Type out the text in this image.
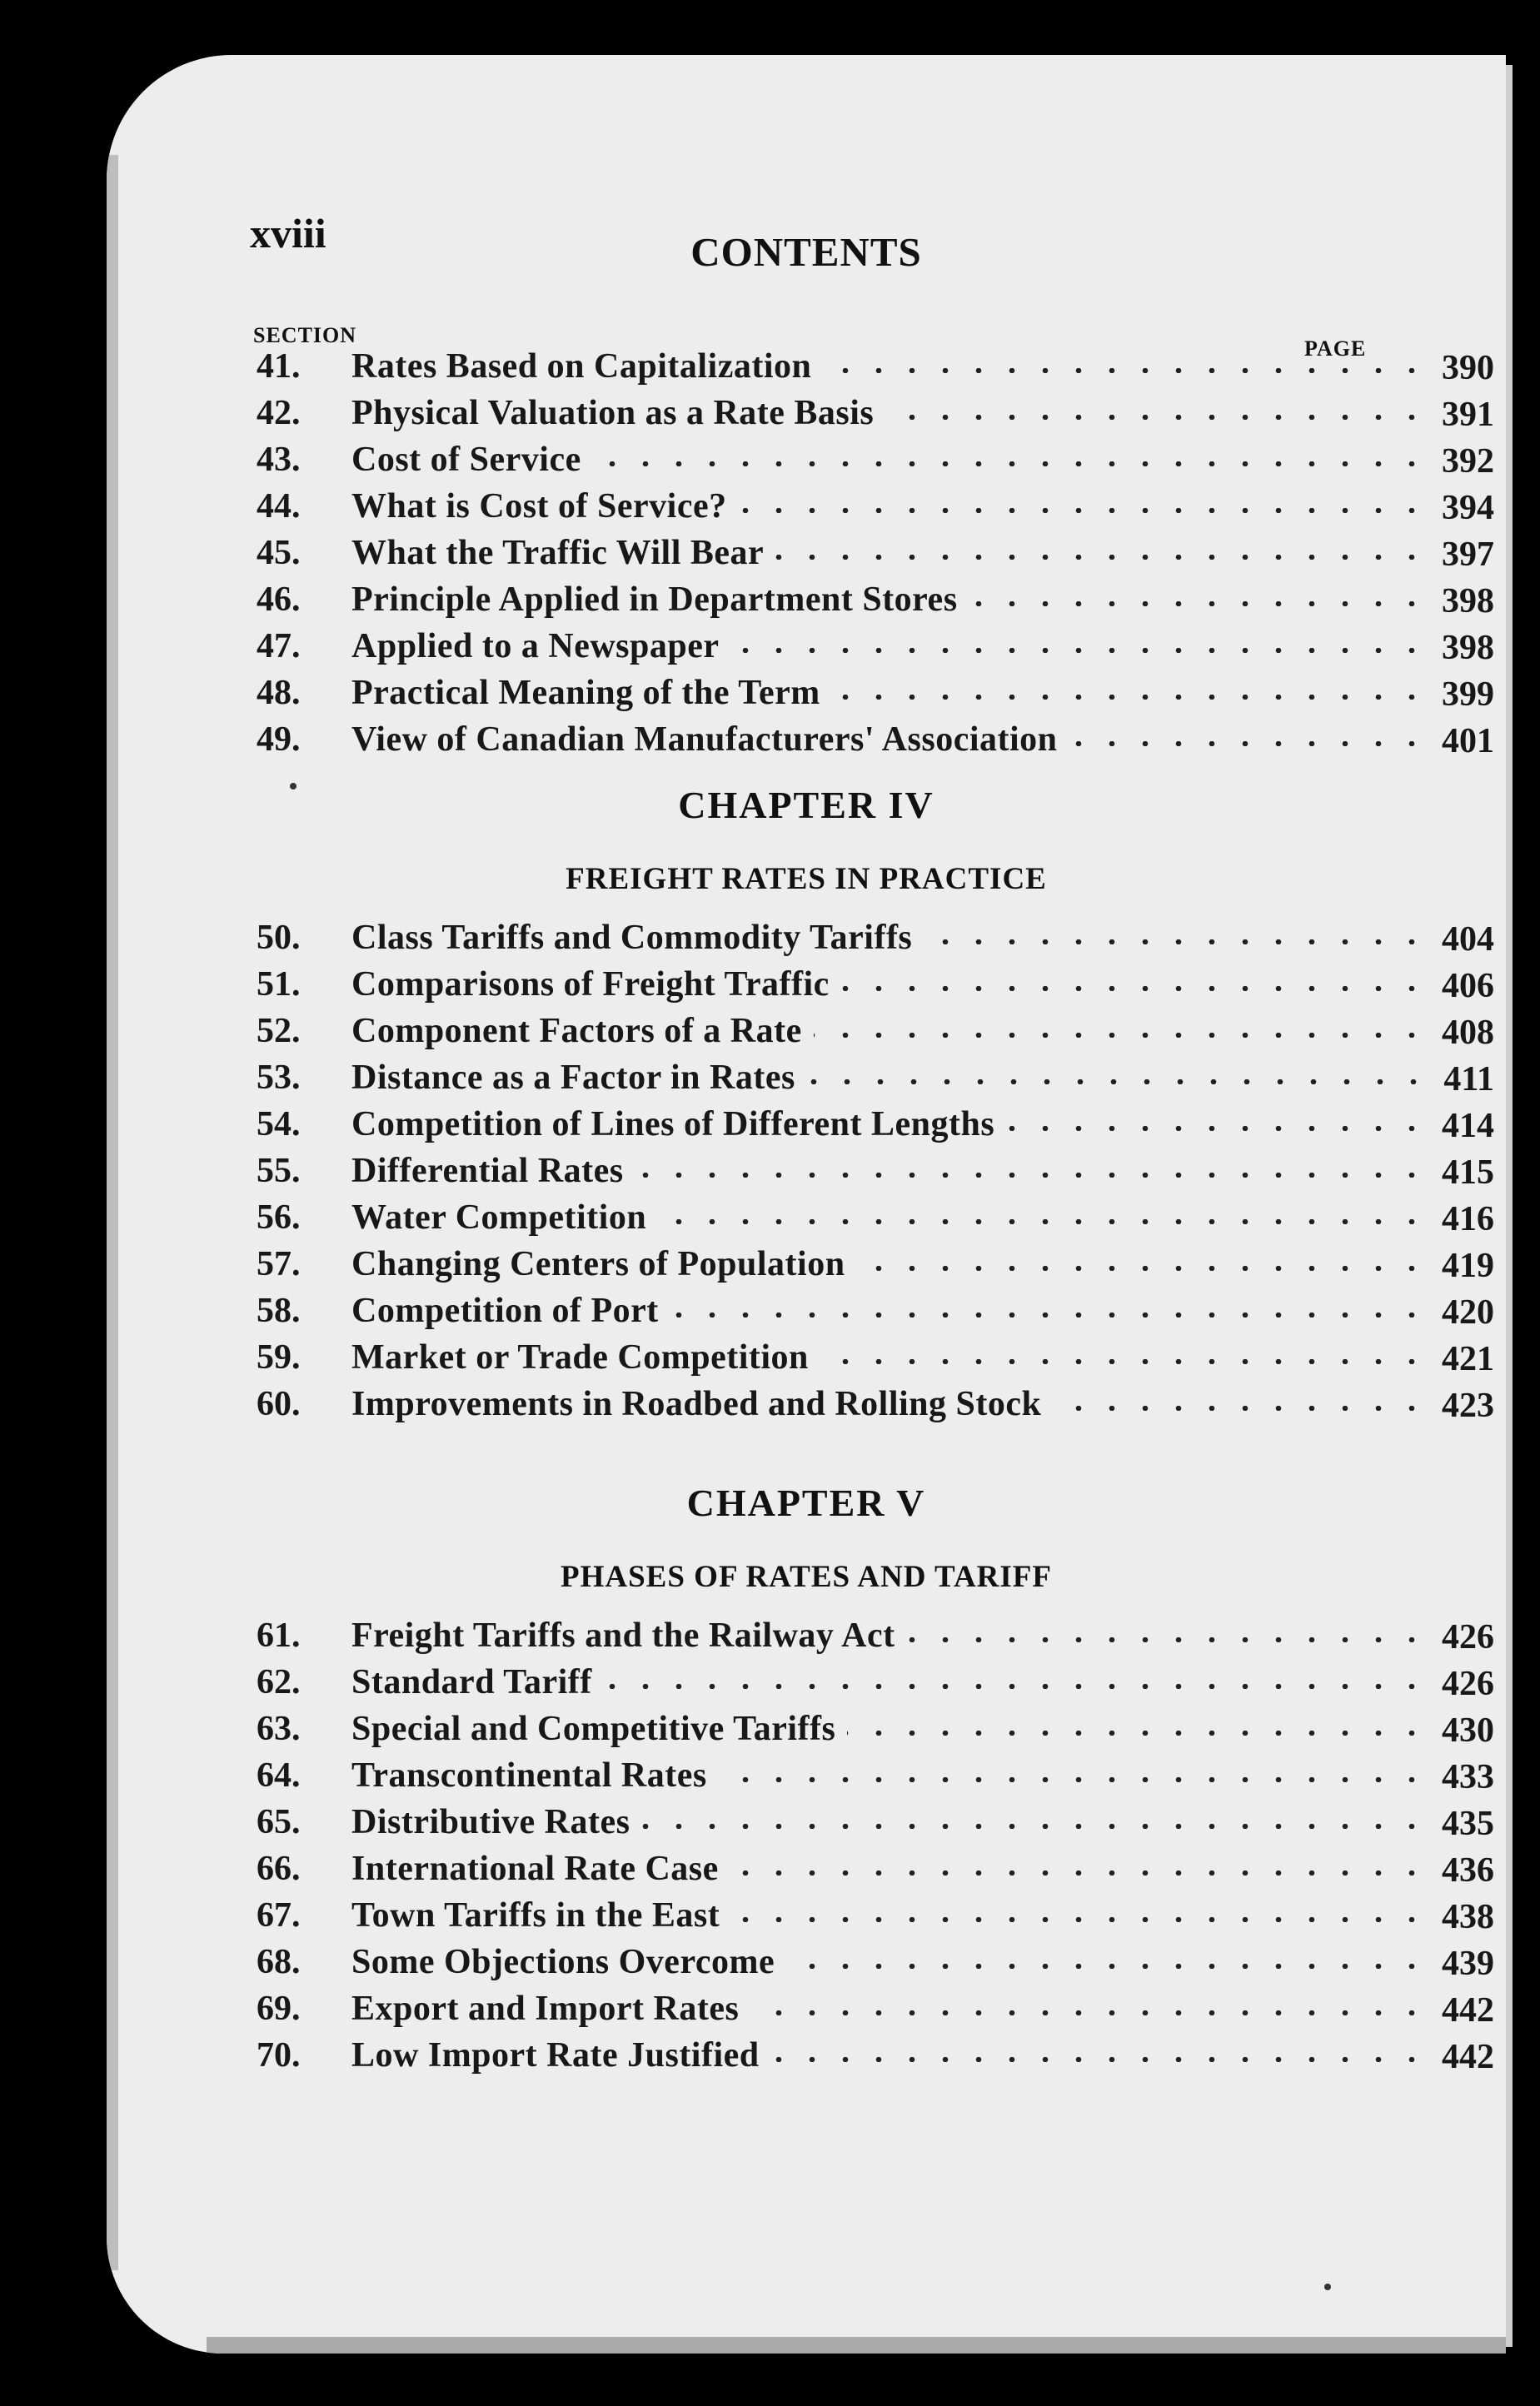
xviii	CONTENTS
SECTION
PAGE
41. Rates Based on Capitalization	390
42. Physical Valuation as a Rate Basis	391
43. Cost of Service	392
44. What is Cost of Service?	394
45. What the Traffic Will Bear	397
46. Principle Applied in Department Stores	398
47. Applied to a Newspaper	398
48. Practical Meaning of the Term	399
49. View of Canadian Manufacturers' Association	401
CHAPTER IV
FREIGHT RATES IN PRACTICE
50. Class Tariffs and Commodity Tariffs	404
51. Comparisons of Freight Traffic	406
52. Component Factors of a Rate	408
53. Distance as a Factor in Rates	411
54. Competition of Lines of Different Lengths	414
55. Differential Rates	415
56. Water Competition	416
57. Changing Centers of Population	419
58. Competition of Port	420
59. Market or Trade Competition	421
60. Improvements in Roadbed and Rolling Stock	423
CHAPTER V
PHASES OF RATES AND TARIFF
61. Freight Tariffs and the Railway Act	426
62. Standard Tariff	426
63. Special and Competitive Tariffs	430
64. Transcontinental Rates	433
65. Distributive Rates	435
66. International Rate Case	436
67. Town Tariffs in the East	438
68. Some Objections Overcome	439
69. Export and Import Rates	442
70. Low Import Rate Justified	442
